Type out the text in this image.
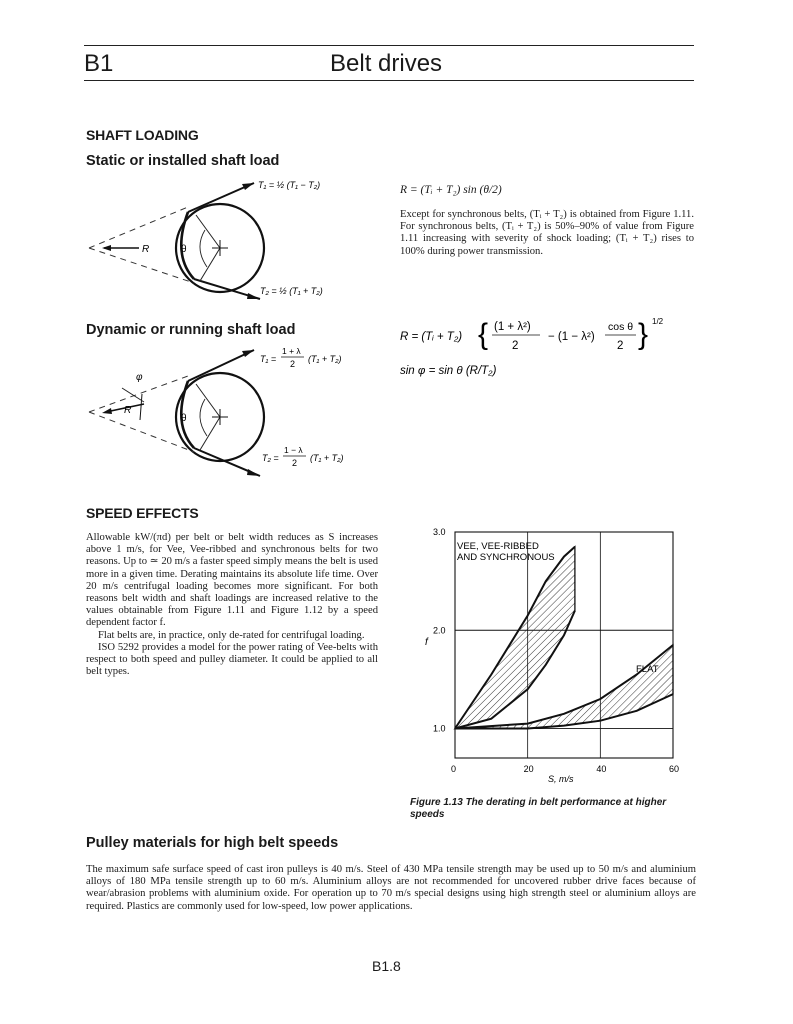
B1	Belt drives
SHAFT LOADING
Static or installed shaft load
R	θ
T₁ = ½ (T₁ − T₂)
T₂ = ½ (T₁ + T₂)
R = (Tᵢ + T₂) sin (θ/2)
Except for synchronous belts, (Tᵢ + T₂) is obtained from Figure 1.11. For synchronous belts, (Tᵢ + T₂) is 50%–90% of value from Figure 1.11 increasing with severity of shock loading; (Tᵢ + T₂) rises to 100% during power transmission.
Dynamic or running shaft load
R
φ
θ
T₁ =
1 + λ
2 (T₁ + T₂)
T₂ =
1 − λ
2 (T₁ + T₂)
R = (Tᵢ + T₂) { (1 + λ²)
2
− (1 − λ²)
cos θ
2 } 1/2
sin φ = sin θ (R/T₂)
SPEED EFFECTS
Allowable kW/(πd) per belt or belt width reduces as S increases above 1 m/s, for Vee, Vee-ribbed and synchronous belts for two reasons. Up to ≃ 20 m/s a faster speed simply means the belt is used more in a given time. Derating maintains its absolute life time. Over 20 m/s centrifugal loading becomes more significant. For both reasons belt width and shaft loadings are increased relative to the values obtainable from Figure 1.11 and Figure 1.12 by a speed dependent factor f.
Flat belts are, in practice, only de-rated for centrifugal loading.
ISO 5292 provides a model for the power rating of Vee-belts with respect to both speed and pulley diameter. It could be applied to all belt types.
1.0
2.0
3.0
0	20	40	60
f
S, m/s
VEE, VEE-RIBBED
AND SYNCHRONOUS
FLAT
Figure 1.13 The derating in belt performance at higher speeds
Pulley materials for high belt speeds
The maximum safe surface speed of cast iron pulleys is 40 m/s. Steel of 430 MPa tensile strength may be used up to 50 m/s and aluminium alloys of 180 MPa tensile strength up to 60 m/s. Aluminium alloys are not recommended for uncovered rubber drive faces because of wear/abrasion problems with aluminium oxide. For operation up to 70 m/s special designs using high strength steel or aluminium alloys are required. Plastics are commonly used for low-speed, low power applications.
B1.8
